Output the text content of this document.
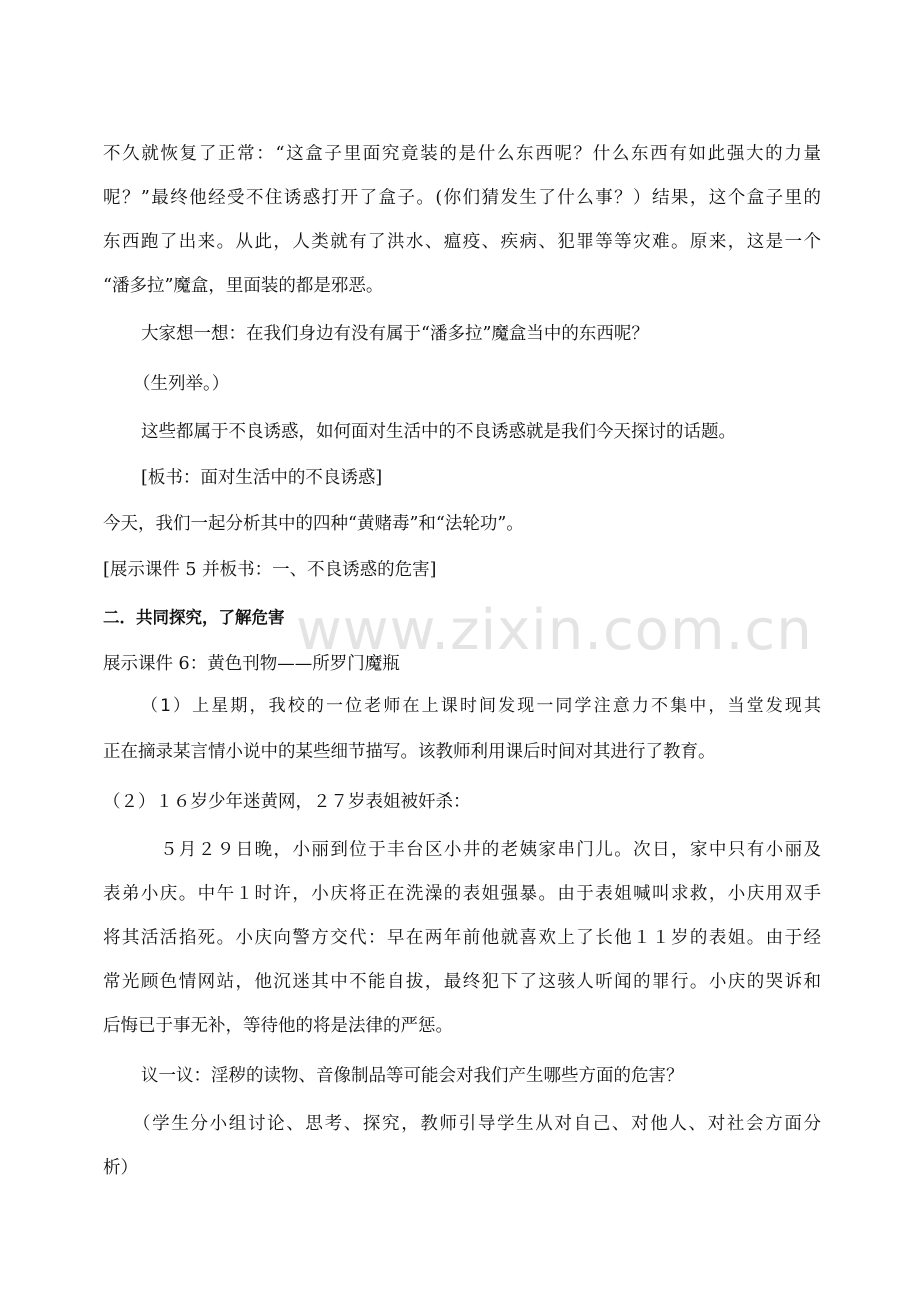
www.zixin.com.cn
不久就恢复了正常：“这盒子里面究竟装的是什么东西呢？什么东西有如此强大的力量
呢？”最终他经受不住诱惑打开了盒子。(你们猜发生了什么事？）结果，这个盒子里的
东西跑了出来。从此，人类就有了洪水、瘟疫、疾病、犯罪等等灾难。原来，这是一个
“潘多拉”魔盒，里面装的都是邪恶。
大家想一想：在我们身边有没有属于“潘多拉”魔盒当中的东西呢？
（生列举。）
这些都属于不良诱惑，如何面对生活中的不良诱惑就是我们今天探讨的话题。
[板书：面对生活中的不良诱惑]
今天，我们一起分析其中的四种“黄赌毒”和“法轮功”。
[展示课件 5 并板书：一、不良诱惑的危害]
二．共同探究，了解危害
展示课件 6：黄色刊物——所罗门魔瓶
（1）上星期，我校的一位老师在上课时间发现一同学注意力不集中，当堂发现其
正在摘录某言情小说中的某些细节描写。该教师利用课后时间对其进行了教育。
（２）１６岁少年迷黄网，２７岁表姐被奸杀：
５月２９日晚，小丽到位于丰台区小井的老姨家串门儿。次日，家中只有小丽及
表弟小庆。中午１时许，小庆将正在洗澡的表姐强暴。由于表姐喊叫求救，小庆用双手
将其活活掐死。小庆向警方交代：早在两年前他就喜欢上了长他１１岁的表姐。由于经
常光顾色情网站，他沉迷其中不能自拔，最终犯下了这骇人听闻的罪行。小庆的哭诉和
后悔已于事无补，等待他的将是法律的严惩。
议一议：淫秽的读物、音像制品等可能会对我们产生哪些方面的危害？
（学生分小组讨论、思考、探究，教师引导学生从对自己、对他人、对社会方面分
析）
